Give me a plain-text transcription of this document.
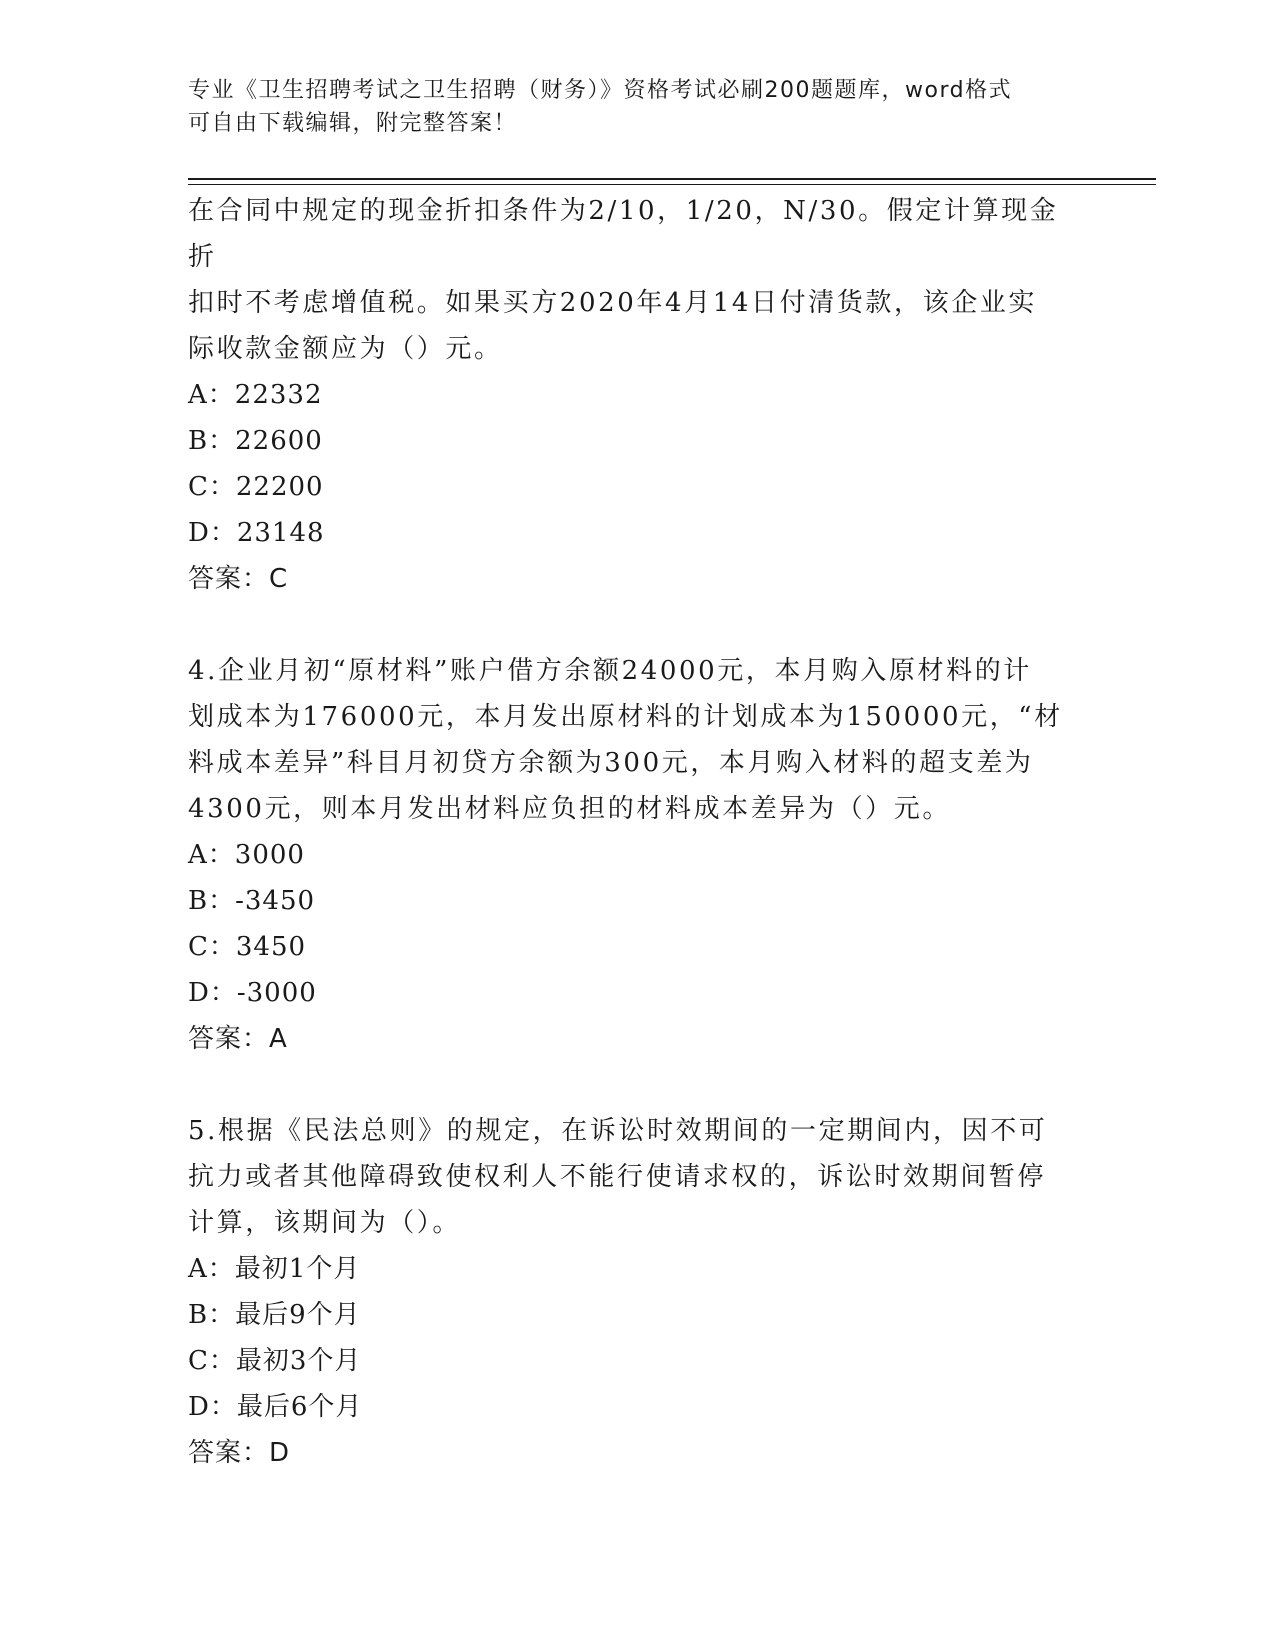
专业《卫生招聘考试之卫生招聘（财务）》资格考试必刷200题题库，word格式
可自由下载编辑，附完整答案！

在合同中规定的现金折扣条件为2/10，1/20，N/30。假定计算现金折

扣时不考虑增值税。如果买方2020年4月14日付清货款，该企业实

际收款金额应为（）元。

A：22332

B：22600

C：22200

D：23148

答案：C

4.企业月初“原材料”账户借方余额24000元，本月购入原材料的计

划成本为176000元，本月发出原材料的计划成本为150000元，“材

料成本差异”科目月初贷方余额为300元，本月购入材料的超支差为

4300元，则本月发出材料应负担的材料成本差异为（）元。

A：3000

B：-3450

C：3450

D：-3000

答案：A

5.根据《民法总则》的规定，在诉讼时效期间的一定期间内，因不可

抗力或者其他障碍致使权利人不能行使请求权的，诉讼时效期间暂停

计算，该期间为（）。

A：最初1个月

B：最后9个月

C：最初3个月

D：最后6个月

答案：D
